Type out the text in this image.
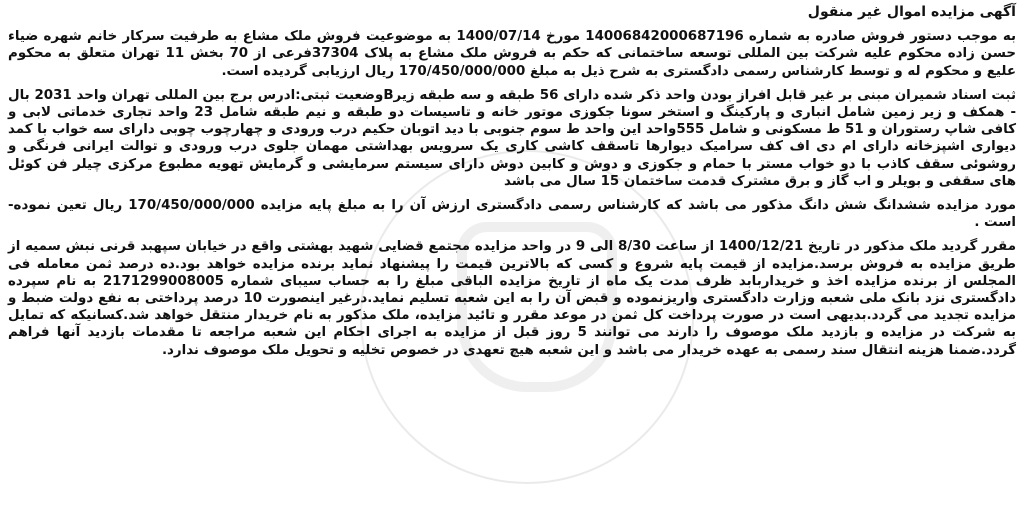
آگهی مزایده اموال غیر منقول
به موجب دستور فروش صادره به شماره 14006842000687196 مورخ 1400/07/14 به موضوعیت فروش ملک مشاع به طرفیت سرکار خانم شهره ضیاء حسن زاده محکوم علیه شرکت بین المللی توسعه ساختمانی که حکم به فروش ملک مشاع به پلاک 37304فرعی از 70 بخش 11 تهران متعلق به محکوم علیع و محکوم له و توسط کارشناس رسمی دادگستری به شرح ذیل به مبلغ 170/450/000/000 ریال ارزیابی گردیده است.
ثبت اسناد شمیران مبنی بر غیر قابل افراز بودن واحد ذکر شده دارای 56 طبقه و سه طبقه زیرBوضعیت ثبتی:ادرس برج بین المللی تهران واحد 2031 بال - همکف و زیر زمین شامل انباری و پارکینگ و استخر سونا جکوزی موتور خانه و تاسیسات دو طبقه و نیم طبقه شامل 23 واحد تجاری خدماتی لابی و کافی شاپ رستوران و 51 ط مسکونی و شامل 555واحد این واحد ط سوم جنوبی با دید اتوبان حکیم درب ورودی و چهارچوب چوبی دارای سه خواب با کمد دیواری اشپزخانه دارای ام دی اف کف سرامیک دیوارها تاسقف کاشی کاری یک سرویس بهداشتی مهمان جلوی درب ورودی و توالت ایرانی فرنگی و روشوئی سقف کاذب با دو خواب مستر با حمام و جکوزی و دوش و کابین دوش دارای سیستم سرمایشی و گرمایش تهویه مطبوع مرکزی چیلر فن کوئل های سقفی و بویلر و اب گاز و برق مشترک قدمت ساختمان 15 سال می باشد
مورد مزایده ششدانگ شش دانگ مذکور می باشد که کارشناس رسمی دادگستری ارزش آن را به مبلغ پایه مزایده 170/450/000/000 ریال تعین نموده-است .
مقرر گردید ملک مذکور در تاریخ 1400/12/21 از ساعت 8/30 الی 9 در واحد مزایده مجتمع قضایی شهید بهشتی واقع در خیابان سپهبد قرنی نبش سمیه از طریق مزایده به فروش برسد.مزایده از قیمت پایه شروع و کسی که بالاترین قیمت را پیشنهاد نماید برنده مزایده خواهد بود.ده درصد ثمن معامله فی المجلس از برنده مزایده اخذ و خریداربابد ظرف مدت یک ماه از تاریخ مزایده الباقی مبلغ را به حساب سیبای شماره 2171299008005 به نام سپرده دادگستری نزد بانک ملی شعبه وزارت دادگستری واریزنموده و قبض آن را به این شعبه تسلیم نماید.درغیر اینصورت 10 درصد پرداختی به نفع دولت ضبط و مزایده تجدید می گردد.بدیهی است در صورت پرداخت کل ثمن در موعد مقرر و تائید مزایده، ملک مذکور به نام خریدار منتقل خواهد شد.کسانیکه که تمایل به شرکت در مزایده و بازدید ملک موصوف را دارند می توانند 5 روز قبل از مزایده به اجرای احکام این شعبه مراجعه تا مقدمات بازدید آنها فراهم گردد.ضمنا هزینه انتقال سند رسمی به عهده خریدار می باشد و این شعبه هیچ تعهدی در خصوص تخلیه و تحویل ملک موصوف ندارد.
